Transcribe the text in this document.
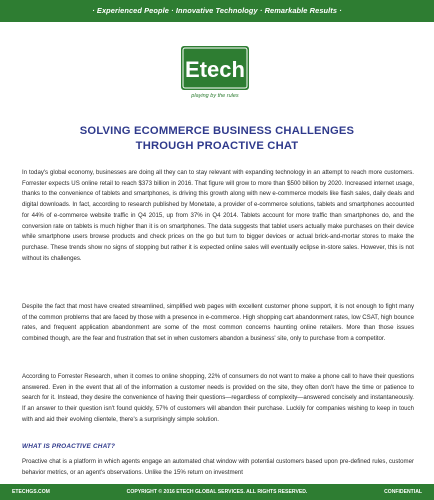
· Experienced People · Innovative Technology · Remarkable Results ·
Etech
playing by the rules
SOLVING ECOMMERCE BUSINESS CHALLENGES
THROUGH PROACTIVE CHAT

In today's global economy, businesses are doing all they can to stay relevant with expanding technology in an attempt to reach more customers. Forrester expects US online retail to reach $373 billion in 2016. That figure will grow to more than $500 billion by 2020. Increased internet usage, thanks to the convenience of tablets and smartphones, is driving this growth along with new e-commerce models like flash sales, daily deals and digital downloads. In fact, according to research published by Monetate, a provider of e-commerce solutions, tablets and smartphones accounted for 44% of e-commerce website traffic in Q4 2015, up from 37% in Q4 2014. Tablets account for more traffic than smartphones do, and the conversion rate on tablets is much higher than it is on smartphones. The data suggests that tablet users actually make purchases on their device while smartphone users browse products and check prices on the go but turn to bigger devices or actual brick-and-mortar stores to make the purchase. These trends show no signs of stopping but rather it is expected online sales will eventually eclipse in-store sales. However, this is not without its challenges.

Despite the fact that most have created streamlined, simplified web pages with excellent customer phone support, it is not enough to fight many of the common problems that are faced by those with a presence in e-commerce. High shopping cart abandonment rates, low CSAT, high bounce rates, and frequent application abandonment are some of the most common concerns haunting online retailers. More than those issues combined though, are the fear and frustration that set in when customers abandon a business' site, only to purchase from a competitor.

According to Forrester Research, when it comes to online shopping, 22% of consumers do not want to make a phone call to have their questions answered. Even in the event that all of the information a customer needs is provided on the site, they often don't have the time or patience to search for it. Instead, they desire the convenience of having their questions—regardless of complexity—answered concisely and instantaneously. If an answer to their question isn't found quickly, 57% of customers will abandon their purchase. Luckily for companies wishing to keep in touch with and aid their evolving clientele, there's a surprisingly simple solution.

WHAT IS PROACTIVE CHAT?

Proactive chat is a platform in which agents engage an automated chat window with potential customers based upon pre-defined rules, customer behavior metrics, or an agent's observations. Unlike the 15% return on investment

ETECHGS.COM	COPYRIGHT © 2016 ETECH GLOBAL SERVICES. ALL RIGHTS RESERVED.	CONFIDENTIAL
